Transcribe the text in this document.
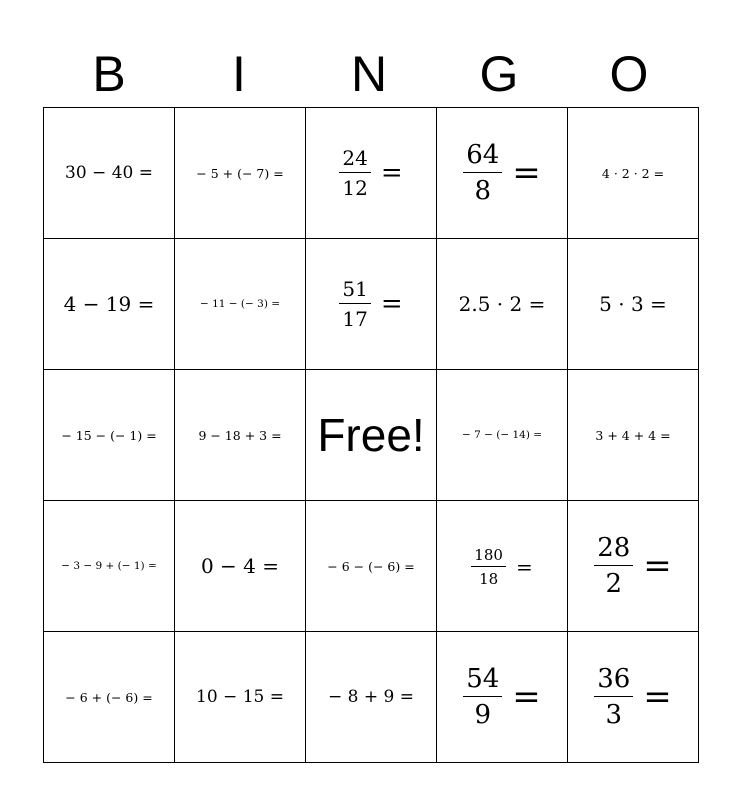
B	I	N	G	O
30 − 40 =	− 5 + (− 7) =	$\frac{24}{12}$ =	$\frac{64}{8}$ =	4 · 2 · 2 =
4 − 19 =	− 11 − (− 3) =	$\frac{51}{17}$ =	2.5 · 2 =	5 · 3 =
− 15 − (− 1) =	9 − 18 + 3 =	Free!	− 7 − (− 14) =	3 + 4 + 4 =
− 3 − 9 + (− 1) =	0 − 4 =	− 6 − (− 6) =	$\frac{180}{18}$ =	$\frac{28}{2}$ =

− 6 + (− 6) =	10 − 15 =	− 8 + 9 =	$\frac{54}{9}$ =	$\frac{36}{3}$ =
